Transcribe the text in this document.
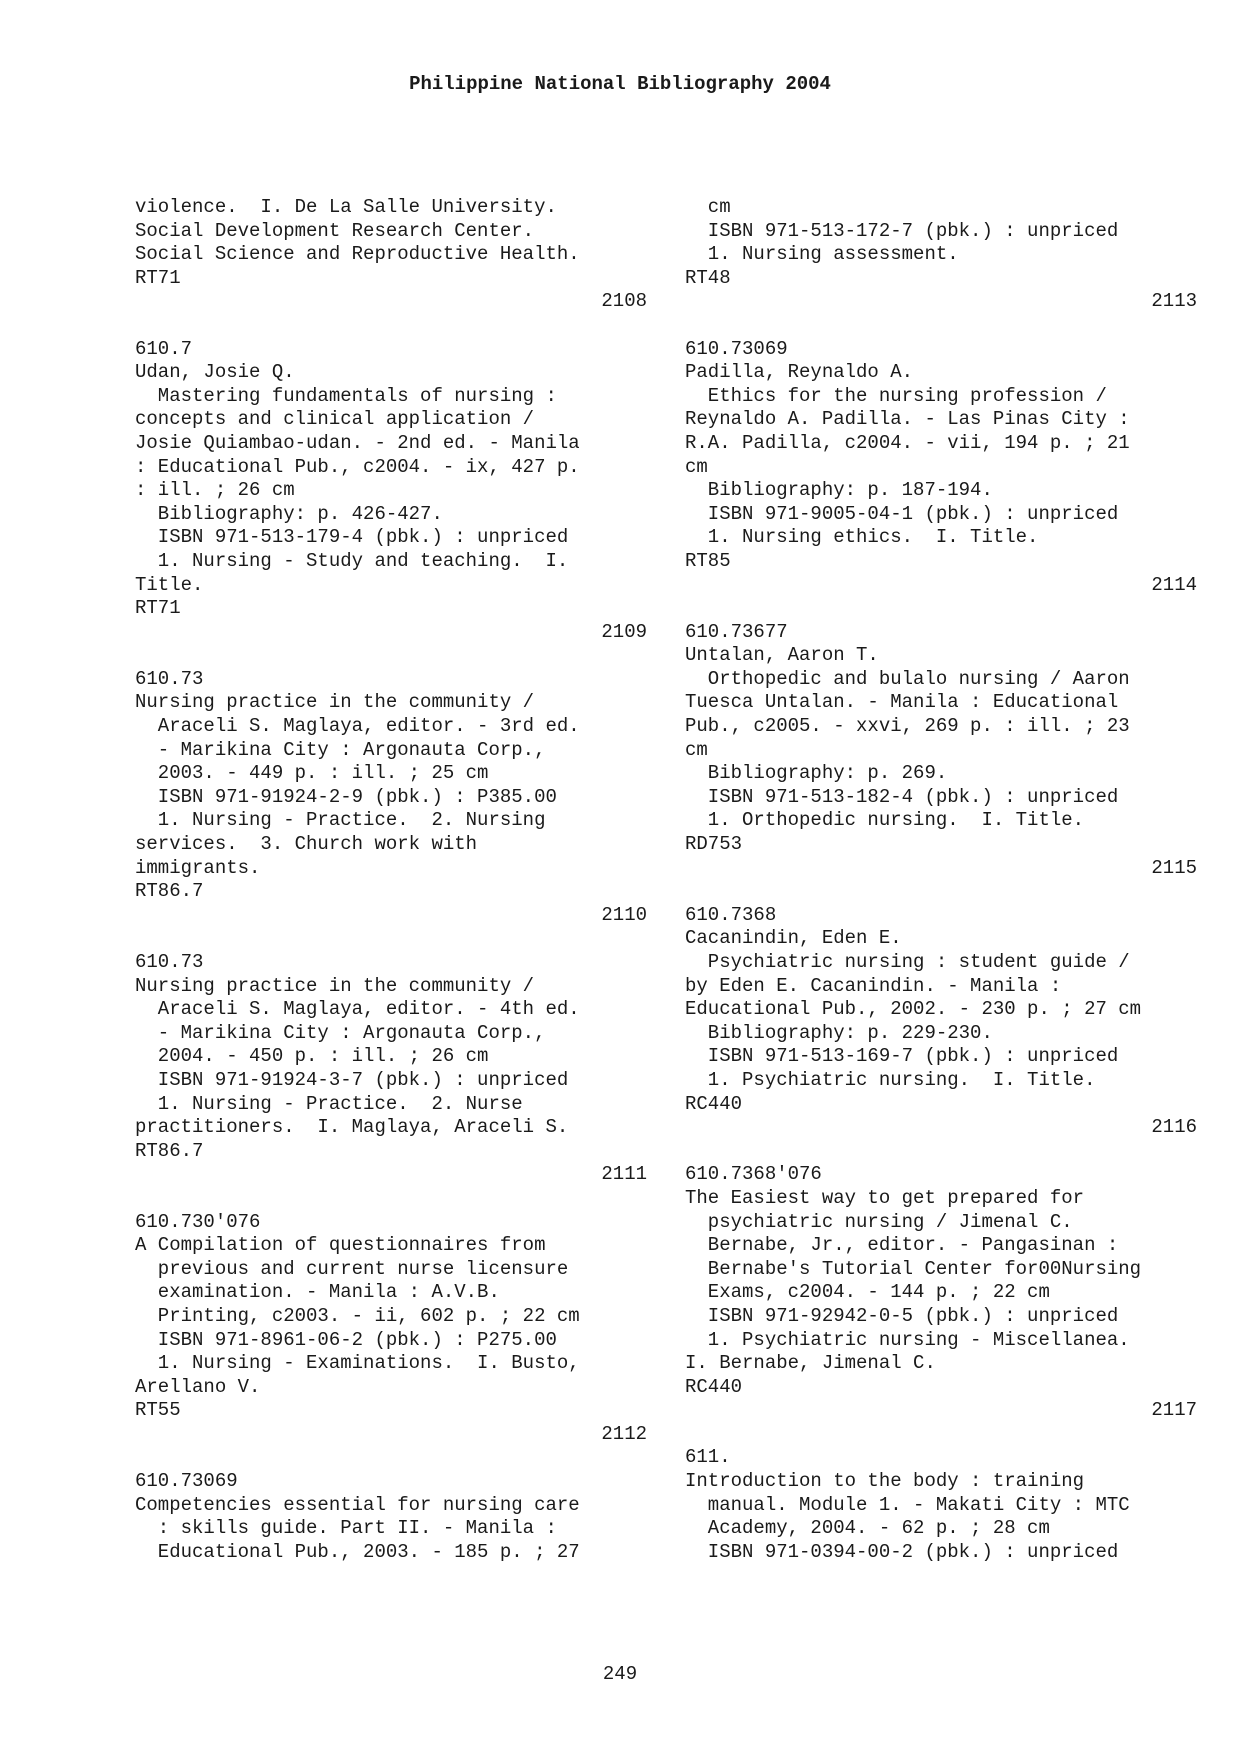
Philippine National Bibliography 2004
violence.  I. De La Salle University.
Social Development Research Center.
Social Science and Reproductive Health.
RT71
2108
610.7
Udan, Josie Q.
Mastering fundamentals of nursing :
concepts and clinical application /
Josie Quiambao-udan. - 2nd ed. - Manila
: Educational Pub., c2004. - ix, 427 p.
: ill. ; 26 cm
Bibliography: p. 426-427.
ISBN 971-513-179-4 (pbk.) : unpriced
1. Nursing - Study and teaching.  I.
Title.
RT71
2109
610.73
Nursing practice in the community /
Araceli S. Maglaya, editor. - 3rd ed.
- Marikina City : Argonauta Corp.,
2003. - 449 p. : ill. ; 25 cm
ISBN 971-91924-2-9 (pbk.) : P385.00
1. Nursing - Practice.  2. Nursing
services.  3. Church work with
immigrants.
RT86.7
2110
610.73
Nursing practice in the community /
Araceli S. Maglaya, editor. - 4th ed.
- Marikina City : Argonauta Corp.,
2004. - 450 p. : ill. ; 26 cm
ISBN 971-91924-3-7 (pbk.) : unpriced
1. Nursing - Practice.  2. Nurse
practitioners.  I. Maglaya, Araceli S.
RT86.7
2111
610.730'076
A Compilation of questionnaires from
previous and current nurse licensure
examination. - Manila : A.V.B.
Printing, c2003. - ii, 602 p. ; 22 cm
ISBN 971-8961-06-2 (pbk.) : P275.00
1. Nursing - Examinations.  I. Busto,
Arellano V.
RT55
2112
610.73069
Competencies essential for nursing care
: skills guide. Part II. - Manila :
Educational Pub., 2003. - 185 p. ; 27
cm
ISBN 971-513-172-7 (pbk.) : unpriced
1. Nursing assessment.
RT48
2113
610.73069
Padilla, Reynaldo A.
Ethics for the nursing profession /
Reynaldo A. Padilla. - Las Pinas City :
R.A. Padilla, c2004. - vii, 194 p. ; 21
cm
Bibliography: p. 187-194.
ISBN 971-9005-04-1 (pbk.) : unpriced
1. Nursing ethics.  I. Title.
RT85
2114
610.73677
Untalan, Aaron T.
Orthopedic and bulalo nursing / Aaron
Tuesca Untalan. - Manila : Educational
Pub., c2005. - xxvi, 269 p. : ill. ; 23
cm
Bibliography: p. 269.
ISBN 971-513-182-4 (pbk.) : unpriced
1. Orthopedic nursing.  I. Title.
RD753
2115
610.7368
Cacanindin, Eden E.
Psychiatric nursing : student guide /
by Eden E. Cacanindin. - Manila :
Educational Pub., 2002. - 230 p. ; 27 cm
Bibliography: p. 229-230.
ISBN 971-513-169-7 (pbk.) : unpriced
1. Psychiatric nursing.  I. Title.
RC440
2116
610.7368'076
The Easiest way to get prepared for
psychiatric nursing / Jimenal C.
Bernabe, Jr., editor. - Pangasinan :
Bernabe's Tutorial Center for00Nursing
Exams, c2004. - 144 p. ; 22 cm
ISBN 971-92942-0-5 (pbk.) : unpriced
1. Psychiatric nursing - Miscellanea.
I. Bernabe, Jimenal C.
RC440
2117
611.
Introduction to the body : training
manual. Module 1. - Makati City : MTC
Academy, 2004. - 62 p. ; 28 cm
ISBN 971-0394-00-2 (pbk.) : unpriced
249
